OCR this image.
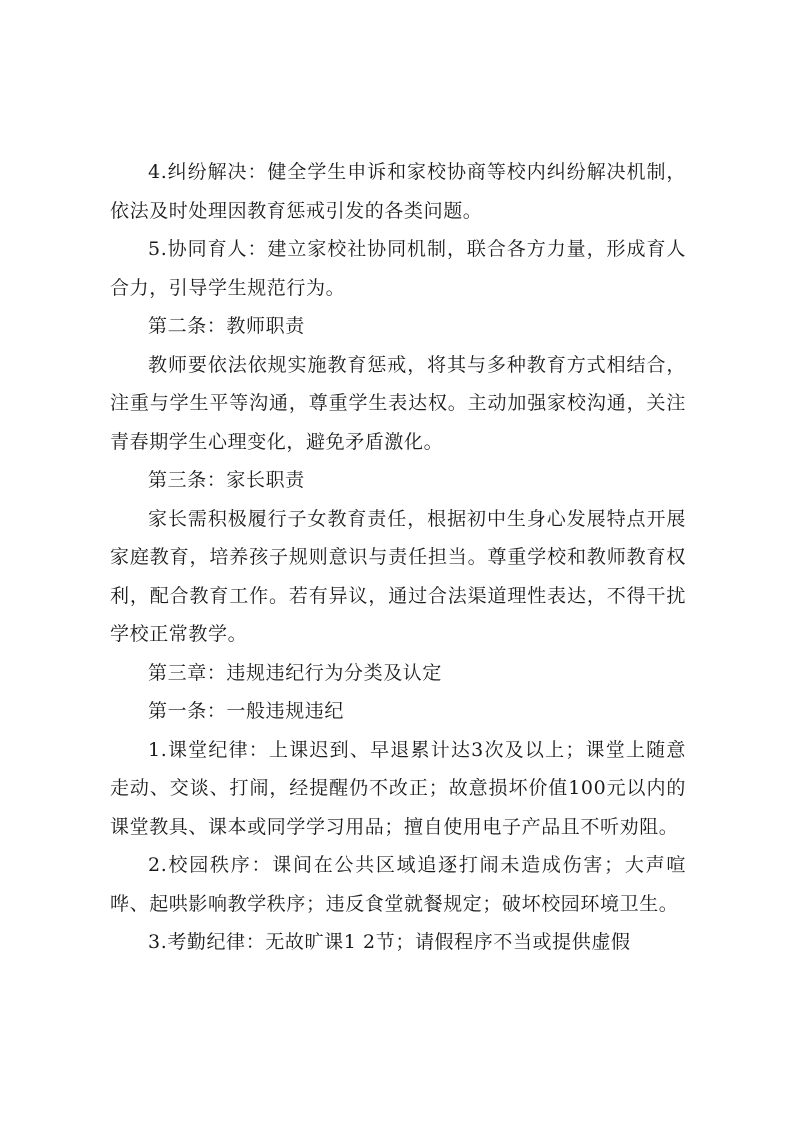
4.纠纷解决：健全学生申诉和家校协商等校内纠纷解决机制，依法及时处理因教育惩戒引发的各类问题。

5.协同育人：建立家校社协同机制，联合各方力量，形成育人合力，引导学生规范行为。

第二条：教师职责

教师要依法依规实施教育惩戒，将其与多种教育方式相结合，注重与学生平等沟通，尊重学生表达权。主动加强家校沟通，关注青春期学生心理变化，避免矛盾激化。

第三条：家长职责

家长需积极履行子女教育责任，根据初中生身心发展特点开展家庭教育，培养孩子规则意识与责任担当。尊重学校和教师教育权利，配合教育工作。若有异议，通过合法渠道理性表达，不得干扰学校正常教学。

第三章：违规违纪行为分类及认定

第一条：一般违规违纪

1.课堂纪律：上课迟到、早退累计达3次及以上；课堂上随意走动、交谈、打闹，经提醒仍不改正；故意损坏价值100元以内的课堂教具、课本或同学学习用品；擅自使用电子产品且不听劝阻。

2.校园秩序：课间在公共区域追逐打闹未造成伤害；大声喧哗、起哄影响教学秩序；违反食堂就餐规定；破坏校园环境卫生。

3.考勤纪律：无故旷课1 2节；请假程序不当或提供虚假
